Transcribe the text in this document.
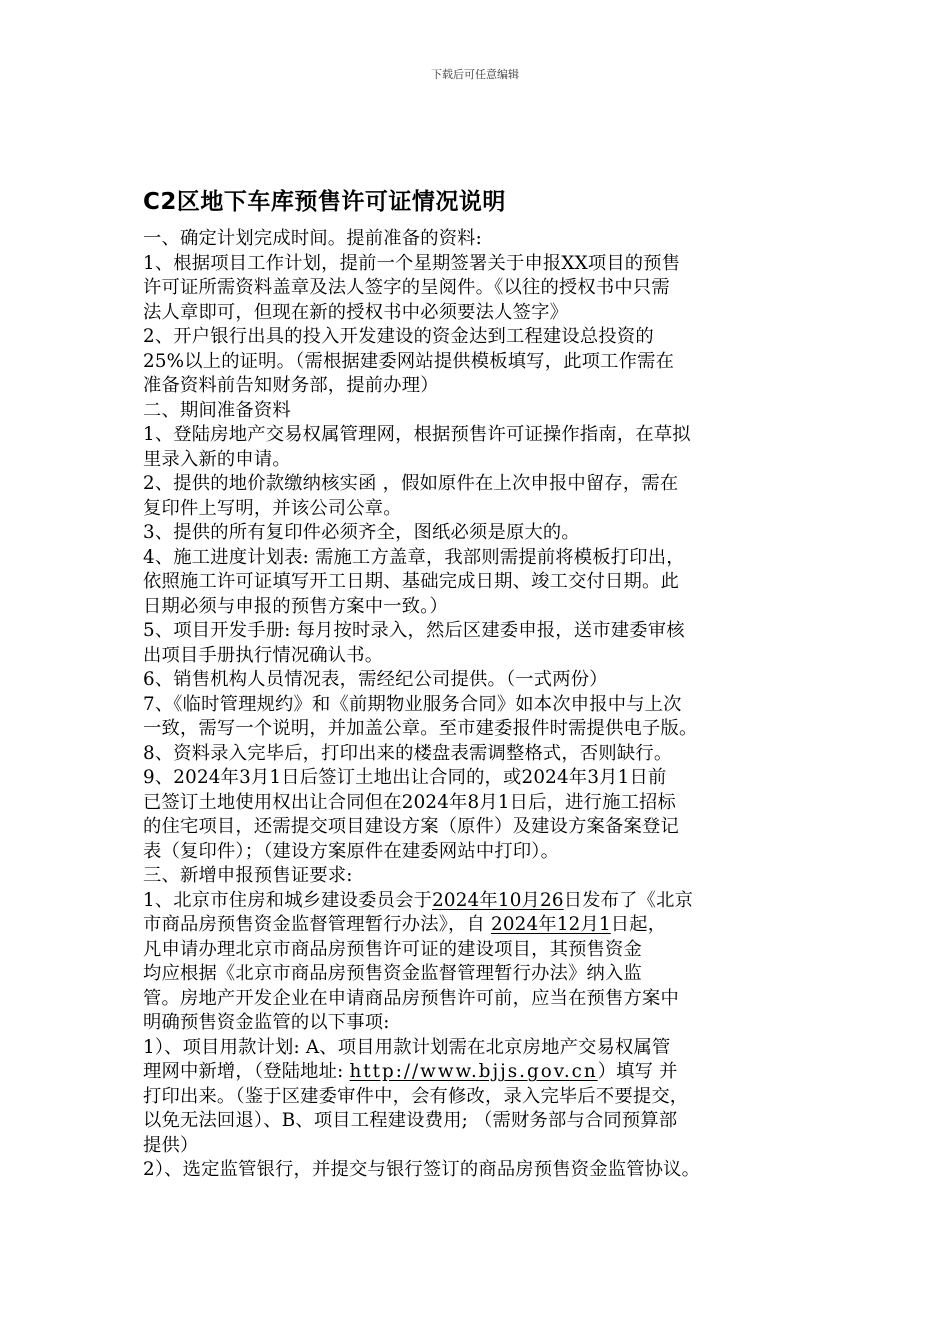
下载后可任意编辑
C2区地下车库预售许可证情况说明
一、确定计划完成时间。提前准备的资料:
1、根据项目工作计划，提前一个星期签署关于申报XX项目的预售
许可证所需资料盖章及法人签字的呈阅件。《以往的授权书中只需
法人章即可，但现在新的授权书中必须要法人签字》
2、开户银行出具的投入开发建设的资金达到工程建设总投资的
25%以上的证明。（需根据建委网站提供模板填写，此项工作需在
准备资料前告知财务部，提前办理）
二、期间准备资料
1、登陆房地产交易权属管理网，根据预售许可证操作指南，在草拟
里录入新的申请。
2、提供的地价款缴纳核实函 ，假如原件在上次申报中留存，需在
复印件上写明，并该公司公章。
3、提供的所有复印件必须齐全，图纸必须是原大的。
4、施工进度计划表: 需施工方盖章，我部则需提前将模板打印出，
依照施工许可证填写开工日期、基础完成日期、竣工交付日期。此
日期必须与申报的预售方案中一致。）
5、项目开发手册: 每月按时录入，然后区建委申报，送市建委审核
出项目手册执行情况确认书。
6、销售机构人员情况表，需经纪公司提供。（一式两份）
7、《临时管理规约》和《前期物业服务合同》如本次申报中与上次
一致，需写一个说明，并加盖公章。至市建委报件时需提供电子版。
8、资料录入完毕后，打印出来的楼盘表需调整格式，否则缺行。
9、2024年3月1日后签订土地出让合同的，或2024年3月1日前
已签订土地使用权出让合同但在2024年8月1日后，进行施工招标
的住宅项目，还需提交项目建设方案（原件）及建设方案备案登记
表（复印件）；（建设方案原件在建委网站中打印）。
三、新增申报预售证要求:
1、北京市住房和城乡建设委员会于2024年10月26日发布了《北京
市商品房预售资金监督管理暂行办法》，自 2024年12月1日起，
凡申请办理北京市商品房预售许可证的建设项目，其预售资金
均应根据《北京市商品房预售资金监督管理暂行办法》纳入监
管。房地产开发企业在申请商品房预售许可前，应当在预售方案中
明确预售资金监管的以下事项:
1）、项目用款计划: A、项目用款计划需在北京房地产交易权属管
理网中新增，（登陆地址: http://www.bjjs.gov.cn）填写 并
打印出来。（鉴于区建委审件中，会有修改，录入完毕后不要提交，
以免无法回退）、B、项目工程建设费用; （需财务部与合同预算部
提供）
2）、选定监管银行，并提交与银行签订的商品房预售资金监管协议。
